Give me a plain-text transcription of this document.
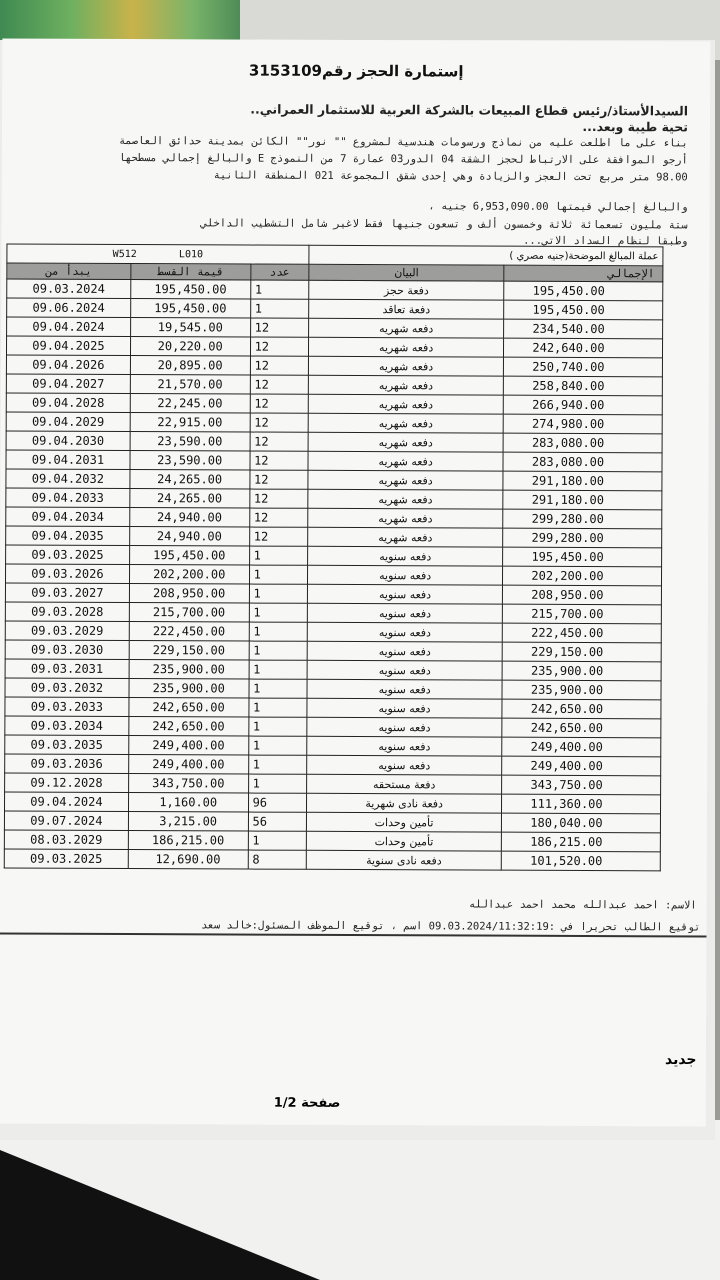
إستمارة الحجز رقم3153109
السيدالأستاذ/رئيس قطاع المبيعات بالشركة العربية للاستثمار العمراني..
تحية طيبة وبعد...
بناء على ما اطلعت عليه من نماذج ورسومات هندسية لمشروع "" نور"" الكائن بمدينة حدائق العاصمة
أرجو الموافقة على الارتباط لحجز الشقة 04 الدور03 عمارة 7 من النموذج E والبالغ إجمالي مسطحها
98.00 متر مربع تحت العجز والزيادة وهي إحدى شقق المجموعة 021 المنطقة الثانية
والبالغ إجمالي قيمتها 6,953,090.00 جنيه ،
ستة مليون تسعمائة ثلاثة وخمسون ألف و تسعون جنيها فقط لاغير شامل التشطيب الداخلي
وطبقا لنظام السداد الاتي...
W512 L010			عملة المبالغ الموضحة(جنيه مصري )	
يبدأ من	قيمة القسط	عدد	البيان	الإجمالي
09.03.2024	195,450.00	1	دفعة حجز	195,450.00
09.06.2024	195,450.00	1	دفعة تعاقد	195,450.00
09.04.2024	19,545.00	12	دفعه شهريه	234,540.00
09.04.2025	20,220.00	12	دفعه شهريه	242,640.00
09.04.2026	20,895.00	12	دفعه شهريه	250,740.00
09.04.2027	21,570.00	12	دفعه شهريه	258,840.00
09.04.2028	22,245.00	12	دفعه شهريه	266,940.00
09.04.2029	22,915.00	12	دفعه شهريه	274,980.00
09.04.2030	23,590.00	12	دفعه شهريه	283,080.00
09.04.2031	23,590.00	12	دفعه شهريه	283,080.00
09.04.2032	24,265.00	12	دفعه شهريه	291,180.00
09.04.2033	24,265.00	12	دفعه شهريه	291,180.00
09.04.2034	24,940.00	12	دفعه شهريه	299,280.00
09.04.2035	24,940.00	12	دفعه شهريه	299,280.00
09.03.2025	195,450.00	1	دفعه سنويه	195,450.00
09.03.2026	202,200.00	1	دفعه سنويه	202,200.00
09.03.2027	208,950.00	1	دفعه سنويه	208,950.00
09.03.2028	215,700.00	1	دفعه سنويه	215,700.00
09.03.2029	222,450.00	1	دفعه سنويه	222,450.00
09.03.2030	229,150.00	1	دفعه سنويه	229,150.00
09.03.2031	235,900.00	1	دفعه سنويه	235,900.00
09.03.2032	235,900.00	1	دفعه سنويه	235,900.00
09.03.2033	242,650.00	1	دفعه سنويه	242,650.00
09.03.2034	242,650.00	1	دفعه سنويه	242,650.00
09.03.2035	249,400.00	1	دفعه سنويه	249,400.00
09.03.2036	249,400.00	1	دفعه سنويه	249,400.00
09.12.2028	343,750.00	1	دفعة مستحقه	343,750.00
09.04.2024	1,160.00	96	دفعة نادى شهرية	111,360.00
09.07.2024	3,215.00	56	تأمين وحدات	180,040.00
08.03.2029	186,215.00	1	تأمين وحدات	186,215.00
09.03.2025	12,690.00	8	دفعه نادى سنوية	101,520.00
الاسم: احمد عبدالله محمد احمد عبدالله
توقيع الطالب تحريرا في :09.03.2024/11:32:19 اسم ، توقيع الموظف المسئول:خالد سعد
صفحة 1/2
جديد
